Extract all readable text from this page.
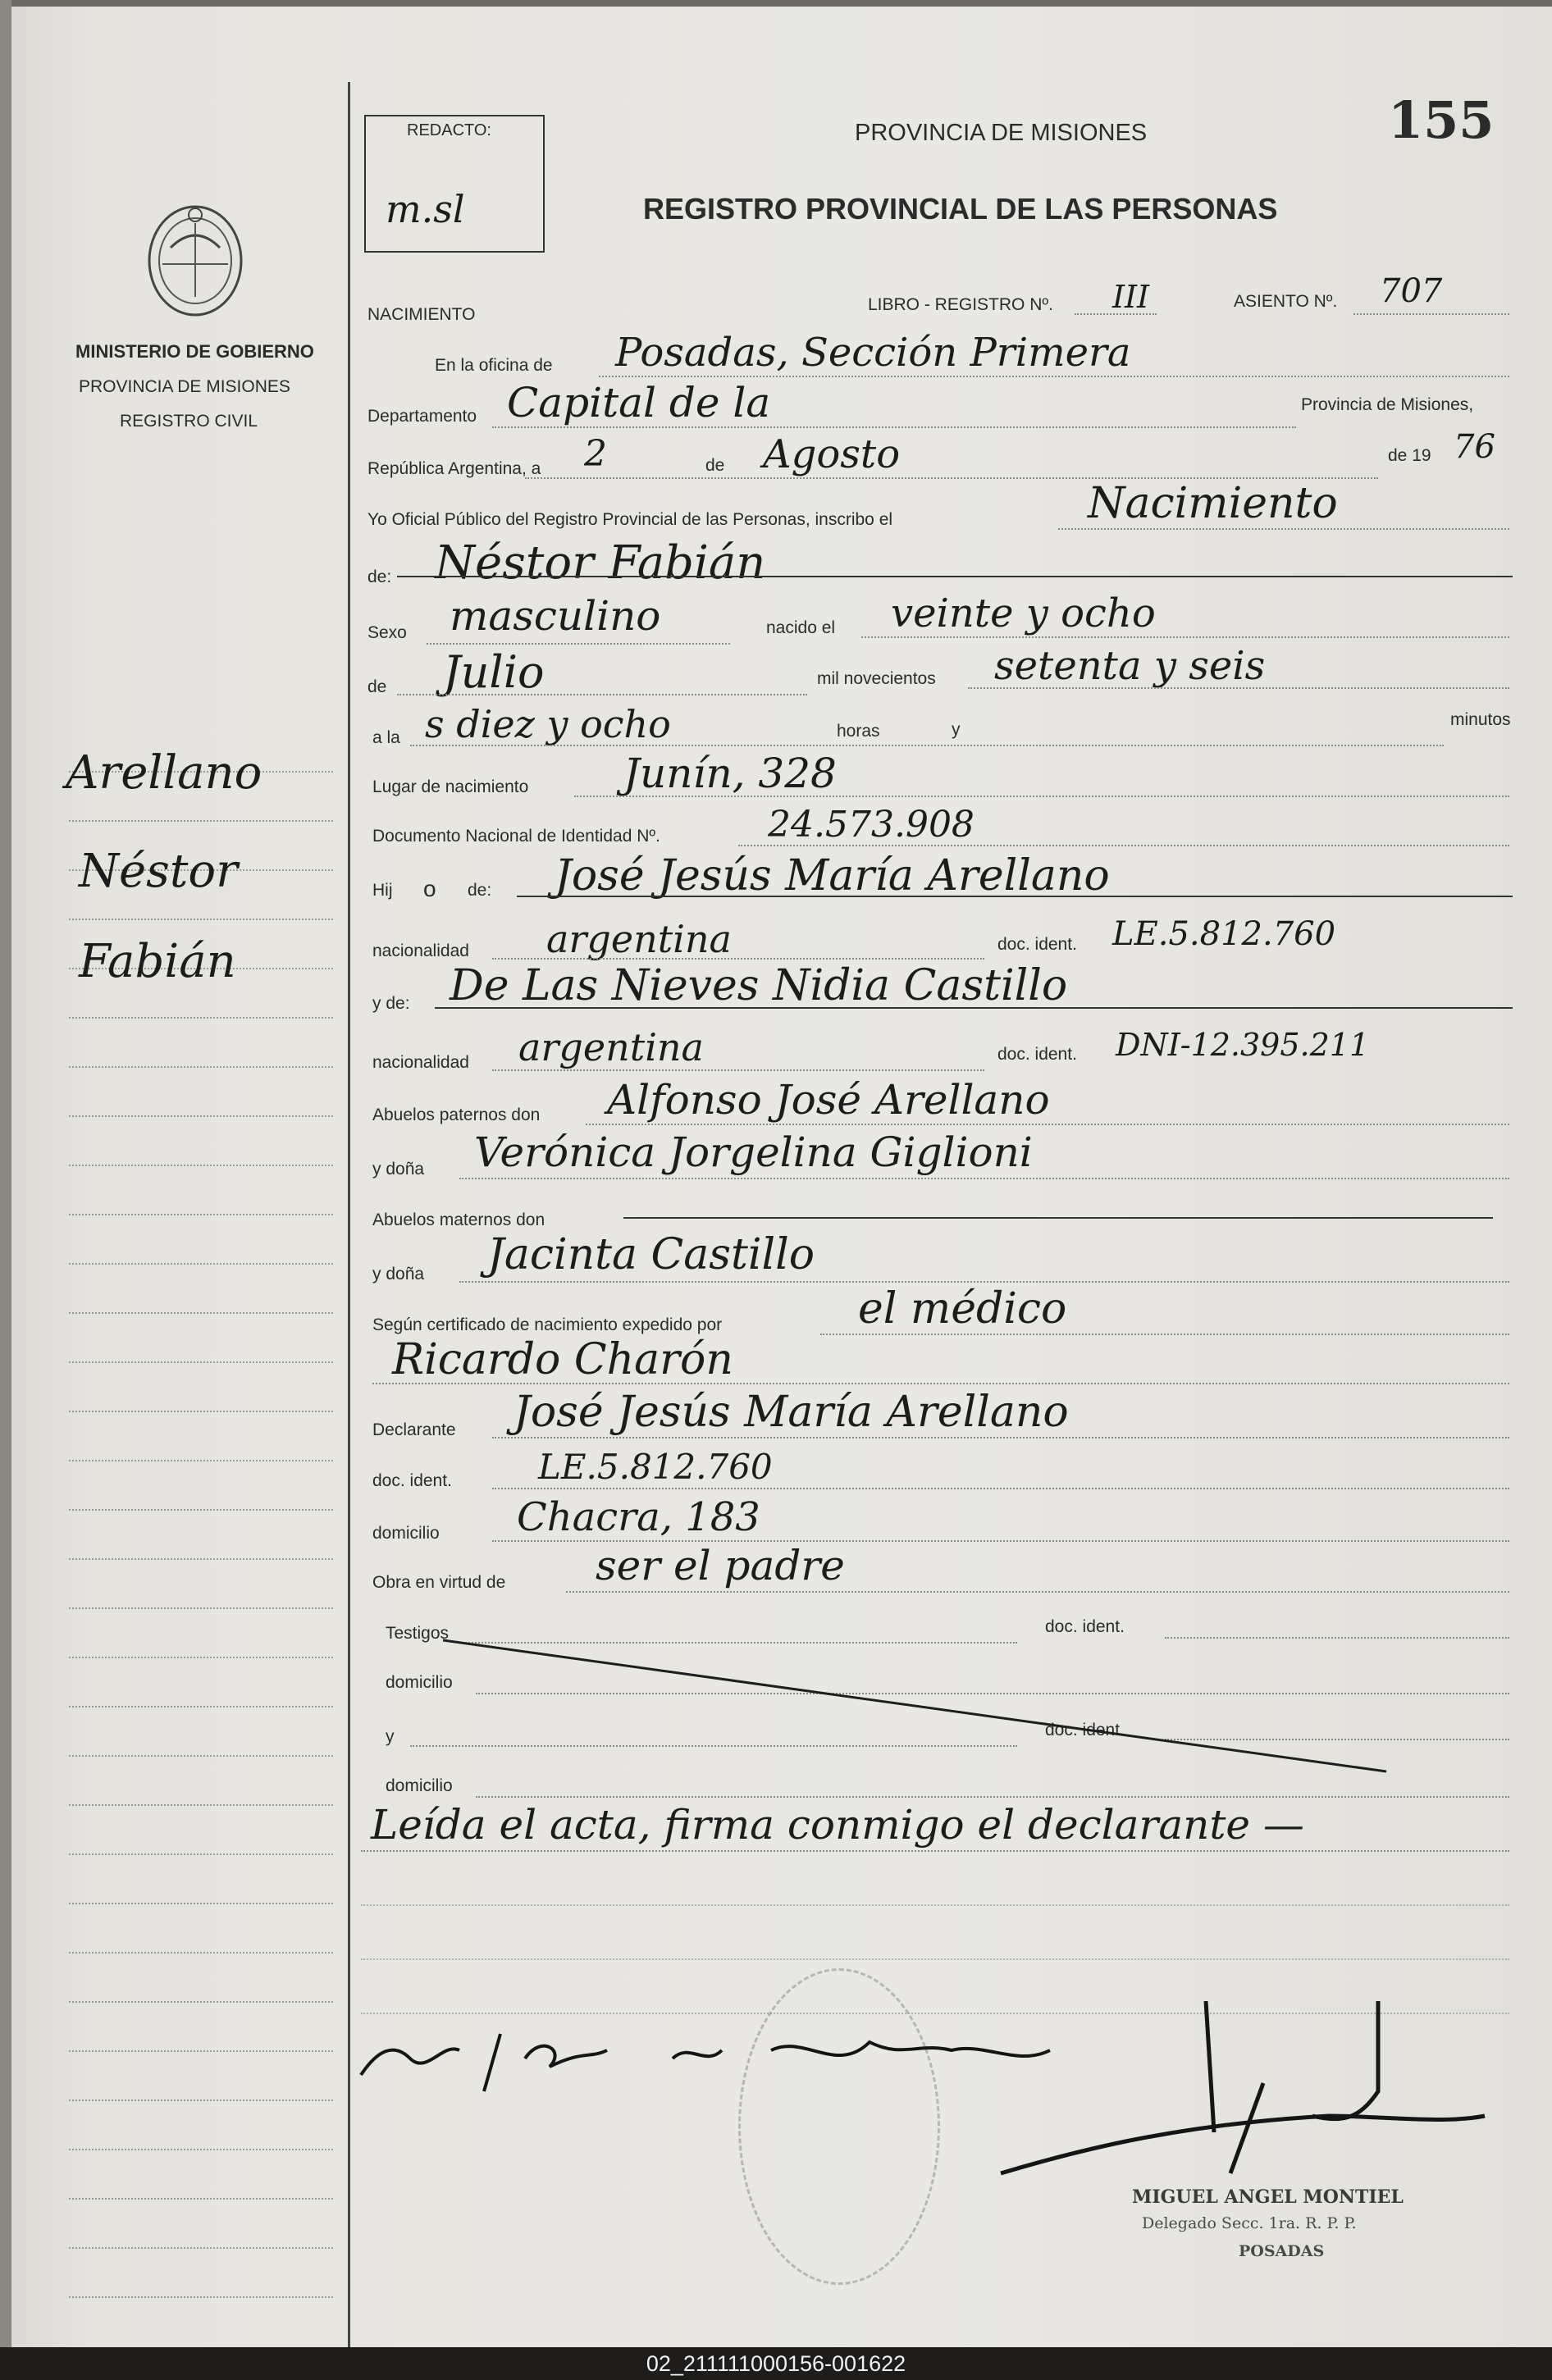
MINISTERIO DE GOBIERNO
PROVINCIA DE MISIONES
REGISTRO CIVIL
Arellano
Néstor
Fabián
REDACTO:
m.sl
PROVINCIA DE MISIONES	155
REGISTRO PROVINCIAL DE LAS PERSONAS
NACIMIENTO
LIBRO - REGISTRO Nº. III	ASIENTO Nº. 707
En la oficina de Posadas, Sección Primera
Departamento Capital de la	Provincia de Misiones,
República Argentina, a 2	de Agosto	de 19 76
Yo Oficial Público del Registro Provincial de las Personas, inscribo el	Nacimiento
de: Néstor Fabián
Sexo masculino	nacido el veinte y ocho
de Julio	mil novecientos setenta y seis
a la s diez y ocho	horas	y
minutos
Lugar de nacimiento Junín, 328
Documento Nacional de Identidad Nº.	24.573.908
Hij o de: José Jesús María Arellano
nacionalidad argentina	doc. ident. LE.5.812.760
y de: De Las Nieves Nidia Castillo
nacionalidad argentina	doc. ident. DNI-12.395.211
Abuelos paternos don Alfonso José Arellano
y doña Verónica Jorgelina Giglioni
Abuelos maternos don
y doña Jacinta Castillo
Según certificado de nacimiento expedido por	el médico
Ricardo Charón
Declarante José Jesús María Arellano
doc. ident.	LE.5.812.760
domicilio Chacra, 183
Obra en virtud de ser el padre
Testigos	doc. ident.
domicilio
y	doc. ident.
domicilio
Leída el acta, firma conmigo el declarante —
MIGUEL ANGEL MONTIEL
Delegado Secc. 1ra. R. P. P.
POSADAS
02_211111000156-001622
